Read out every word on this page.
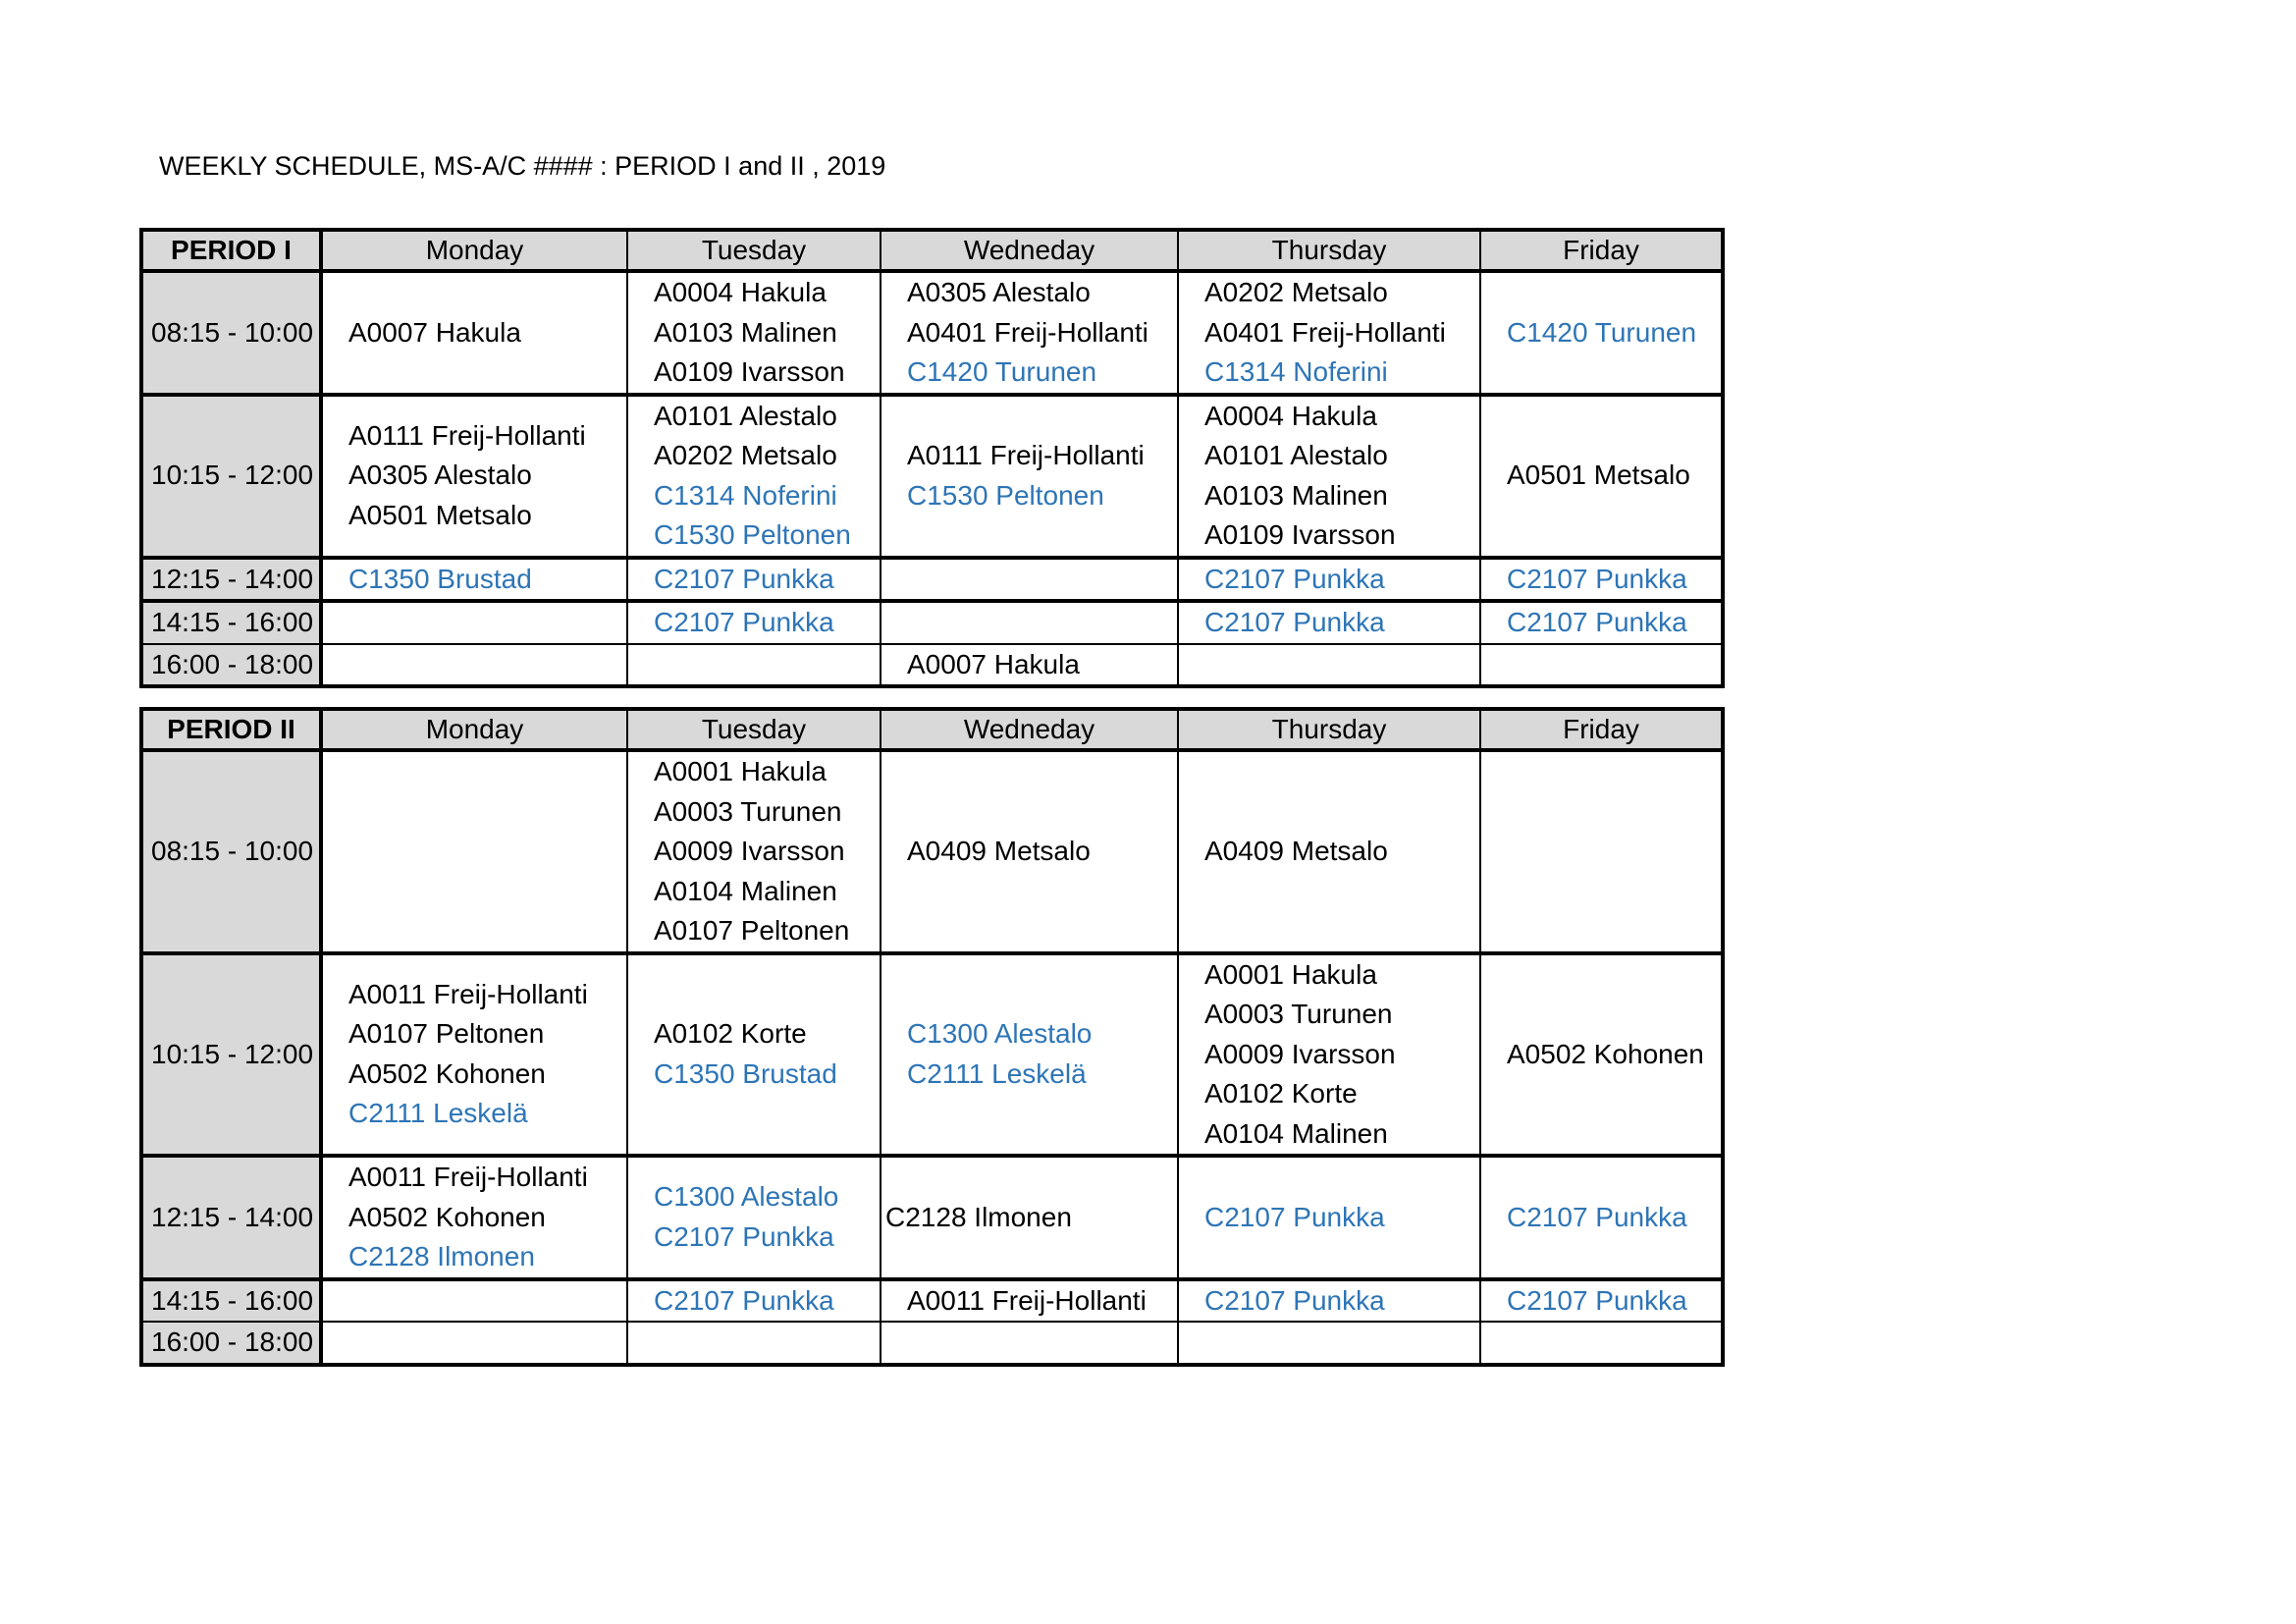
WEEKLY SCHEDULE, MS-A/C #### : PERIOD I and II , 2019
PERIOD I	Monday	Tuesday	Wedneday	Thursday	Friday
08:15 - 10:00	A0007 Hakula	A0004 Hakula
A0103 Malinen
A0109 Ivarsson	A0305 Alestalo
A0401 Freij-Hollanti
C1420 Turunen	A0202 Metsalo
A0401 Freij-Hollanti
C1314 Noferini	C1420 Turunen

10:15 - 12:00	A0111 Freij-Hollanti
A0305 Alestalo
A0501 Metsalo	A0101 Alestalo
A0202 Metsalo
C1314 Noferini
C1530 Peltonen	A0111 Freij-Hollanti
C1530 Peltonen	A0004 Hakula
A0101 Alestalo
A0103 Malinen
A0109 Ivarsson	A0501 Metsalo

12:15 - 14:00	C1350 Brustad	C2107 Punkka		C2107 Punkka	C2107 Punkka

14:15 - 16:00		C2107 Punkka		C2107 Punkka	C2107 Punkka

16:00 - 18:00			A0007 Hakula		

PERIOD II	Monday	Tuesday	Wedneday	Thursday	Friday
08:15 - 10:00		A0001 Hakula
A0003 Turunen
A0009 Ivarsson
A0104 Malinen
A0107 Peltonen	A0409 Metsalo	A0409 Metsalo	

10:15 - 12:00	A0011 Freij-Hollanti
A0107 Peltonen
A0502 Kohonen
C2111 Leskelä	A0102 Korte
C1350 Brustad	C1300 Alestalo
C2111 Leskelä	A0001 Hakula
A0003 Turunen
A0009 Ivarsson
A0102 Korte
A0104 Malinen	A0502 Kohonen

12:15 - 14:00	A0011 Freij-Hollanti
A0502 Kohonen
C2128 Ilmonen	C1300 Alestalo
C2107 Punkka	C2128 Ilmonen	C2107 Punkka	C2107 Punkka

14:15 - 16:00		C2107 Punkka	A0011 Freij-Hollanti	C2107 Punkka	C2107 Punkka

16:00 - 18:00	
